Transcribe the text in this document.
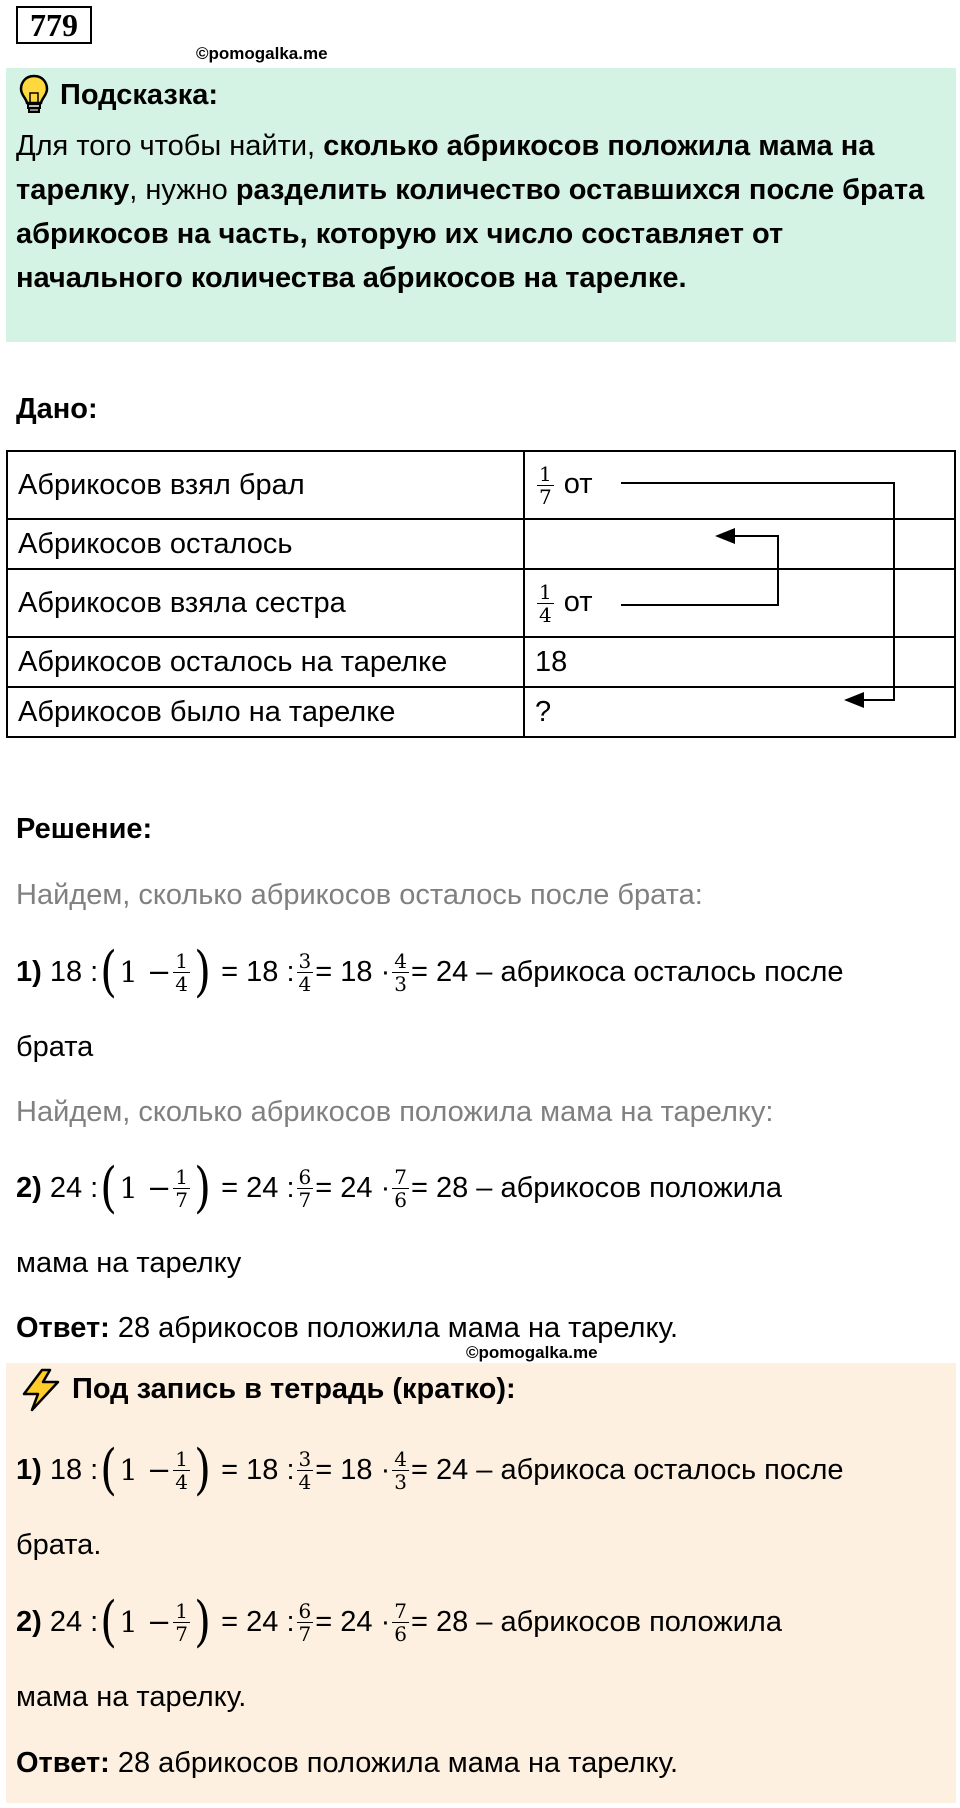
779
©pomogalka.me
Подсказка:
Для того чтобы найти, сколько абрикосов положила мама на тарелку, нужно разделить количество оставшихся после брата абрикосов на часть, которую их число составляет от начального количества абрикосов на тарелке.
Дано:
Абрикосов взял брал	$\frac{1}{7}$ от
Абрикосов осталось	
Абрикосов взяла сестра	$\frac{1}{4}$ от
Абрикосов осталось на тарелке	18
Абрикосов было на тарелке	?
Решение:
Найдем, сколько абрикосов осталось после брата:
1)
18 : ( $1 - \frac{1}{4}$ )
= 18 : $\frac{3}{4} = 18 \cdot \frac{4}{3} = 24$ – абрикоса осталось после
брата
Найдем, сколько абрикосов положила мама на тарелку:
2)
24 : ( $1 - \frac{1}{7}$ )
= 24 : $\frac{6}{7} = 24 \cdot \frac{7}{6} = 28$ – абрикосов положила
мама на тарелку
Ответ: 28 абрикосов положила мама на тарелку.
©pomogalka.me
Под запись в тетрадь (кратко):
1)
18 : ( $1 - \frac{1}{4}$ )
= 18 : $\frac{3}{4} = 18 \cdot \frac{4}{3} = 24$ – абрикоса осталось после
брата.
2)
24 : ( $1 - \frac{1}{7}$ )
= 24 : $\frac{6}{7} = 24 \cdot \frac{7}{6} = 28$ – абрикосов положила
мама на тарелку.
Ответ: 28 абрикосов положила мама на тарелку.
